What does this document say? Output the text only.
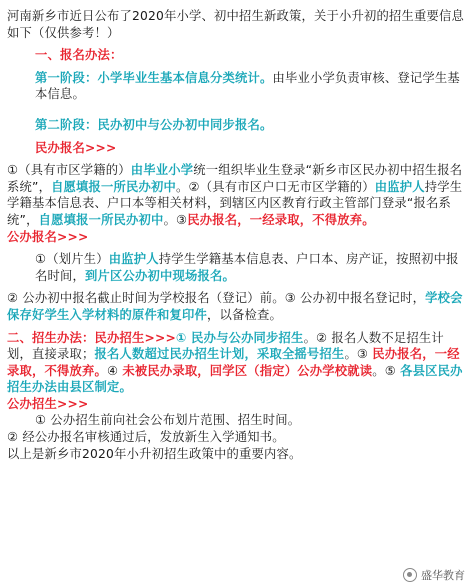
河南新乡市近日公布了2020年小学、初中招生新政策，关于小升初的招生重要信息如下（仅供参考！）

一、报名办法：

第一阶段：小学毕业生基本信息分类统计。由毕业小学负责审核、登记学生基本信息。

第二阶段：民办初中与公办初中同步报名。

民办报名>>>

①（具有市区学籍的）由毕业小学统一组织毕业生登录“新乡市区民办初中招生报名系统”，自愿填报一所民办初中。②（具有市区户口无市区学籍的）由监护人持学生学籍基本信息表、户口本等相关材料，到辖区内区教育行政主管部门登录“报名系统”，自愿填报一所民办初中。③民办报名，一经录取，不得放弃。

公办报名>>>

①（划片生）由监护人持学生学籍基本信息表、户口本、房产证，按照初中报名时间，到片区公办初中现场报名。

② 公办初中报名截止时间为学校报名（登记）前。③ 公办初中报名登记时，学校会保存好学生入学材料的原件和复印件，以备检查。

二、招生办法：民办招生>>>① 民办与公办同步招生。② 报名人数不足招生计划，直接录取；报名人数超过民办招生计划，采取全摇号招生。③ 民办报名，一经录取，不得放弃。④ 未被民办录取，回学区（指定）公办学校就读。⑤ 各县区民办招生办法由县区制定。

公办招生>>>

① 公办招生前向社会公布划片范围、招生时间。

② 经公办报名审核通过后，发放新生入学通知书。

以上是新乡市2020年小升初招生政策中的重要内容。

盛华教育
